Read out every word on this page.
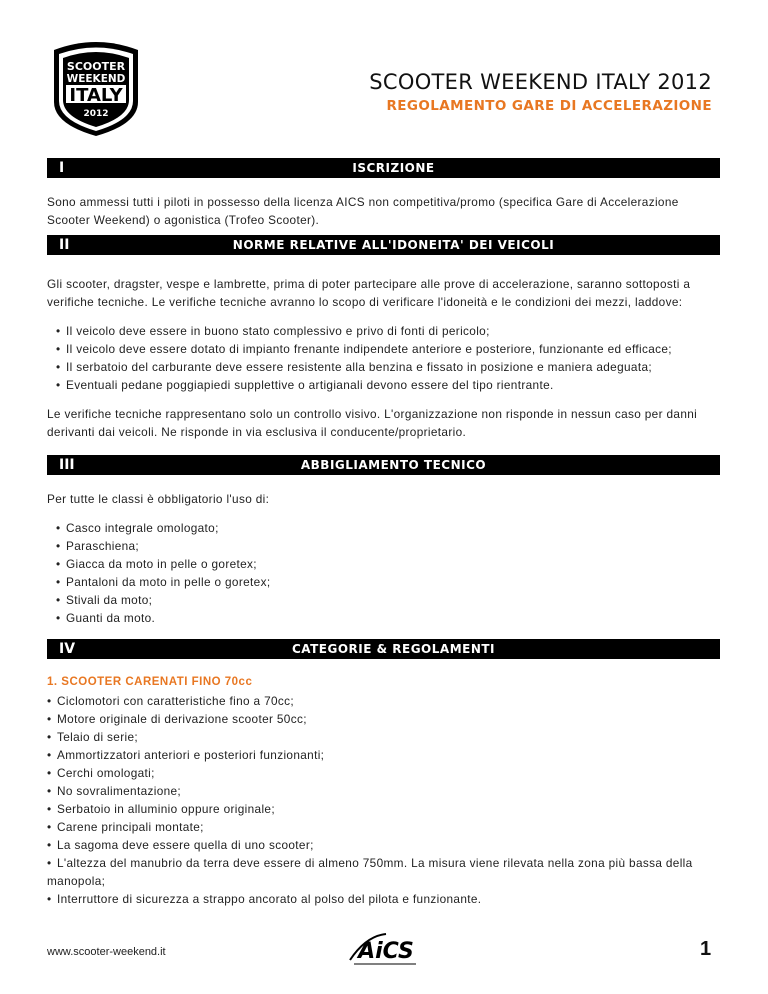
SCOOTER
WEEKEND
ITALY
2012
SCOOTER WEEKEND ITALY 2012
REGOLAMENTO GARE DI ACCELERAZIONE
I	ISCRIZIONE

Sono ammessi tutti i piloti in possesso della licenza AICS non competitiva/promo (specifica Gare di Accelerazione Scooter Weekend) o agonistica (Trofeo Scooter).

II	NORME RELATIVE ALL'IDONEITA' DEI VEICOLI

Gli scooter, dragster, vespe e lambrette, prima di poter partecipare alle prove di accelerazione, saranno sottoposti a verifiche tecniche. Le verifiche tecniche avranno lo scopo di verificare l'idoneità e le condizioni dei mezzi, laddove:

• Il veicolo deve essere in buono stato complessivo e privo di fonti di pericolo;
• Il veicolo deve essere dotato di impianto frenante indipendete anteriore e posteriore, funzionante ed efficace;
• Il serbatoio del carburante deve essere resistente alla benzina e fissato in posizione e maniera adeguata;
• Eventuali pedane poggiapiedi supplettive o artigianali devono essere del tipo rientrante.

Le verifiche tecniche rappresentano solo un controllo visivo. L'organizzazione non risponde in nessun caso per danni derivanti dai veicoli. Ne risponde in via esclusiva il conducente/proprietario.

III	ABBIGLIAMENTO TECNICO

Per tutte le classi è obbligatorio l'uso di:

• Casco integrale omologato;
• Paraschiena;
• Giacca da moto in pelle o goretex;
• Pantaloni da moto in pelle o goretex;
• Stivali da moto;
• Guanti da moto.
IV	CATEGORIE & REGOLAMENTI
1. SCOOTER CARENATI FINO 70cc
• Ciclomotori con caratteristiche fino a 70cc;
• Motore originale di derivazione scooter 50cc;
• Telaio di serie;
• Ammortizzatori anteriori e posteriori funzionanti;
• Cerchi omologati;
• No sovralimentazione;
• Serbatoio in alluminio oppure originale;
• Carene principali montate;
• La sagoma deve essere quella di uno scooter;
• L'altezza del manubrio da terra deve essere di almeno 750mm. La misura viene rilevata nella zona più bassa della manopola;
• Interruttore di sicurezza a strappo ancorato al polso del pilota e funzionante.
www.scooter-weekend.it	AiCS	1
